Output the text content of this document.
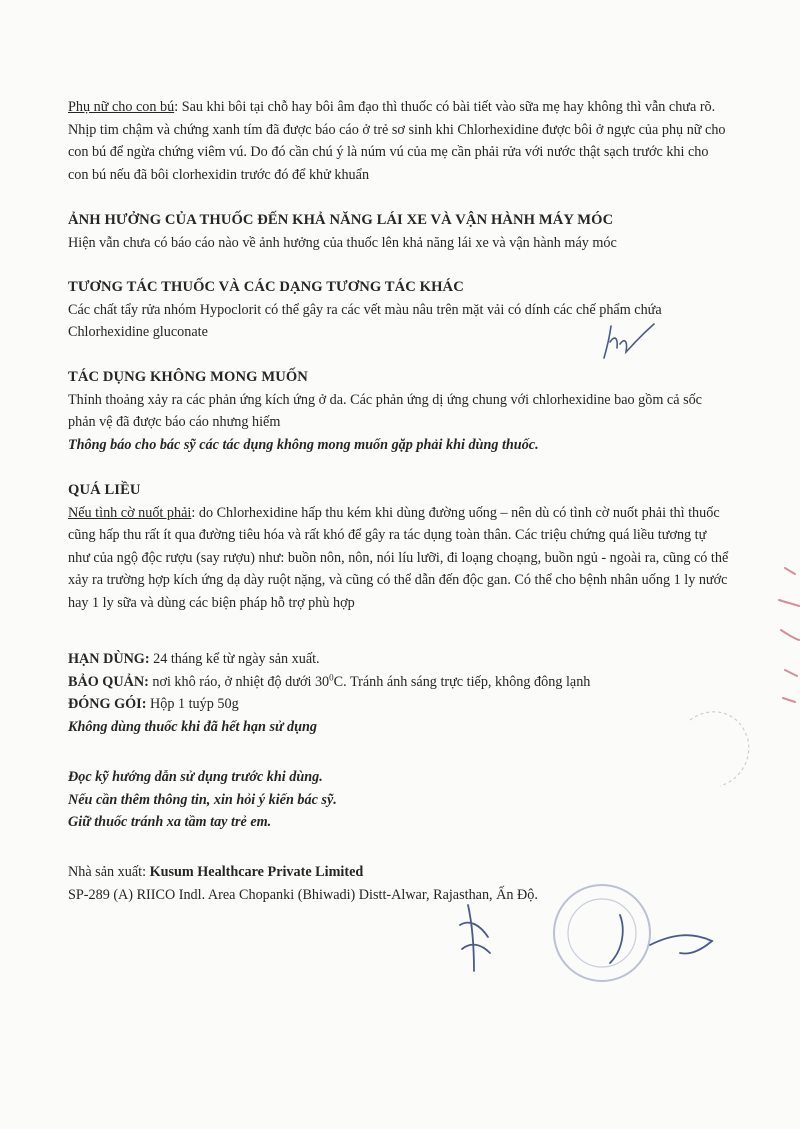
Phụ nữ cho con bú: Sau khi bôi tại chỗ hay bôi âm đạo thì thuốc có bài tiết vào sữa mẹ hay không thì vẫn chưa rõ. Nhịp tim chậm và chứng xanh tím đã được báo cáo ở trẻ sơ sinh khi Chlorhexidine được bôi ở ngực của phụ nữ cho con bú để ngừa chứng viêm vú. Do đó cần chú ý là núm vú của mẹ cần phải rửa với nước thật sạch trước khi cho con bú nếu đã bôi clorhexidin trước đó để khử khuẩn

ẢNH HƯỞNG CỦA THUỐC ĐẾN KHẢ NĂNG LÁI XE VÀ VẬN HÀNH MÁY MÓC

Hiện vẫn chưa có báo cáo nào về ảnh hưởng của thuốc lên khả năng lái xe và vận hành máy móc

TƯƠNG TÁC THUỐC VÀ CÁC DẠNG TƯƠNG TÁC KHÁC

Các chất tẩy rửa nhóm Hypoclorit có thể gây ra các vết màu nâu trên mặt vải có dính các chế phẩm chứa Chlorhexidine gluconate

TÁC DỤNG KHÔNG MONG MUỐN

Thỉnh thoảng xảy ra các phản ứng kích ứng ở da. Các phản ứng dị ứng chung với chlorhexidine bao gồm cả sốc phản vệ đã được báo cáo nhưng hiếm

Thông báo cho bác sỹ các tác dụng không mong muốn gặp phải khi dùng thuốc.

QUÁ LIỀU

Nếu tình cờ nuốt phải: do Chlorhexidine hấp thu kém khi dùng đường uống – nên dù có tình cờ nuốt phải thì thuốc cũng hấp thu rất ít qua đường tiêu hóa và rất khó để gây ra tác dụng toàn thân. Các triệu chứng quá liều tương tự như của ngộ độc rượu (say rượu) như: buồn nôn, nôn, nói líu lưỡi, đi loạng choạng, buồn ngủ - ngoài ra, cũng có thể xảy ra trường hợp kích ứng dạ dày ruột nặng, và cũng có thể dẫn đến độc gan. Có thể cho bệnh nhân uống 1 ly nước hay 1 ly sữa và dùng các biện pháp hỗ trợ phù hợp

HẠN DÙNG: 24 tháng kể từ ngày sản xuất.

BẢO QUẢN: nơi khô ráo, ở nhiệt độ dưới $30^0C$. Tránh ánh sáng trực tiếp, không đông lạnh

ĐÓNG GÓI: Hộp 1 tuýp 50g

Không dùng thuốc khi đã hết hạn sử dụng

Đọc kỹ hướng dẫn sử dụng trước khi dùng.

Nếu cần thêm thông tin, xin hỏi ý kiến bác sỹ.

Giữ thuốc tránh xa tầm tay trẻ em.

Nhà sản xuất: Kusum Healthcare Private Limited

SP-289 (A) RIICO Indl. Area Chopanki (Bhiwadi) Distt-Alwar, Rajasthan, Ấn Độ.
